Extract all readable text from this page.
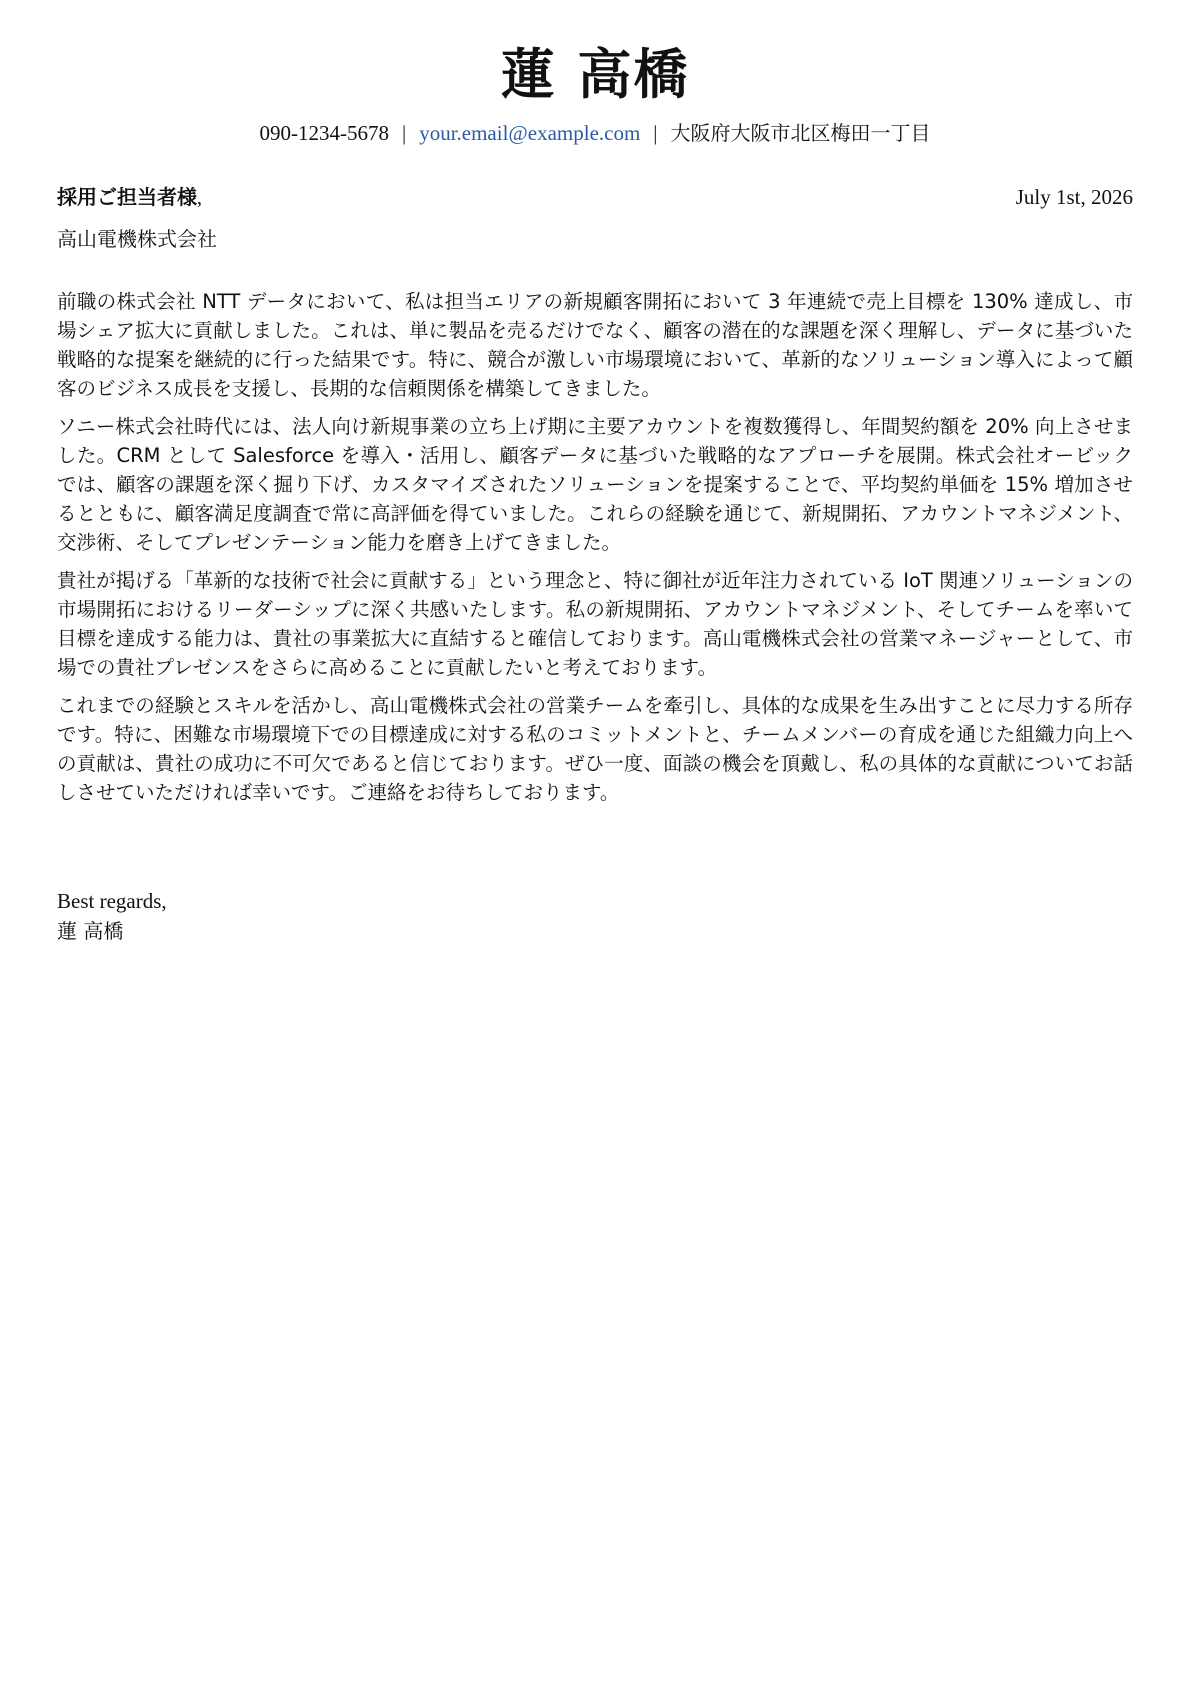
蓮 高橋
090-1234-5678 | your.email@example.com | 大阪府大阪市北区梅田一丁目
採用ご担当者様,	July 1st, 2026
高山電機株式会社

前職の株式会社 NTT データにおいて、私は担当エリアの新規顧客開拓において 3 年連続で売上目標を 130% 達成し、市場シェア拡大に貢献しました。これは、単に製品を売るだけでなく、顧客の潜在的な課題を深く理解し、データに基づいた戦略的な提案を継続的に行った結果です。特に、競合が激しい市場環境において、革新的なソリューション導入によって顧客のビジネス成長を支援し、長期的な信頼関係を構築してきました。

ソニー株式会社時代には、法人向け新規事業の立ち上げ期に主要アカウントを複数獲得し、年間契約額を 20% 向上させました。CRM として Salesforce を導入・活用し、顧客データに基づいた戦略的なアプローチを展開。株式会社オービックでは、顧客の課題を深く掘り下げ、カスタマイズされたソリューションを提案することで、平均契約単価を 15% 増加させるとともに、顧客満足度調査で常に高評価を得ていました。これらの経験を通じて、新規開拓、アカウントマネジメント、交渉術、そしてプレゼンテーション能力を磨き上げてきました。

貴社が掲げる「革新的な技術で社会に貢献する」という理念と、特に御社が近年注力されている IoT 関連ソリューションの市場開拓におけるリーダーシップに深く共感いたします。私の新規開拓、アカウントマネジメント、そしてチームを率いて目標を達成する能力は、貴社の事業拡大に直結すると確信しております。高山電機株式会社の営業マネージャーとして、市場での貴社プレゼンスをさらに高めることに貢献したいと考えております。

これまでの経験とスキルを活かし、高山電機株式会社の営業チームを牽引し、具体的な成果を生み出すことに尽力する所存です。特に、困難な市場環境下での目標達成に対する私のコミットメントと、チームメンバーの育成を通じた組織力向上への貢献は、貴社の成功に不可欠であると信じております。ぜひ一度、面談の機会を頂戴し、私の具体的な貢献についてお話しさせていただければ幸いです。ご連絡をお待ちしております。

Best regards,
蓮 高橋
